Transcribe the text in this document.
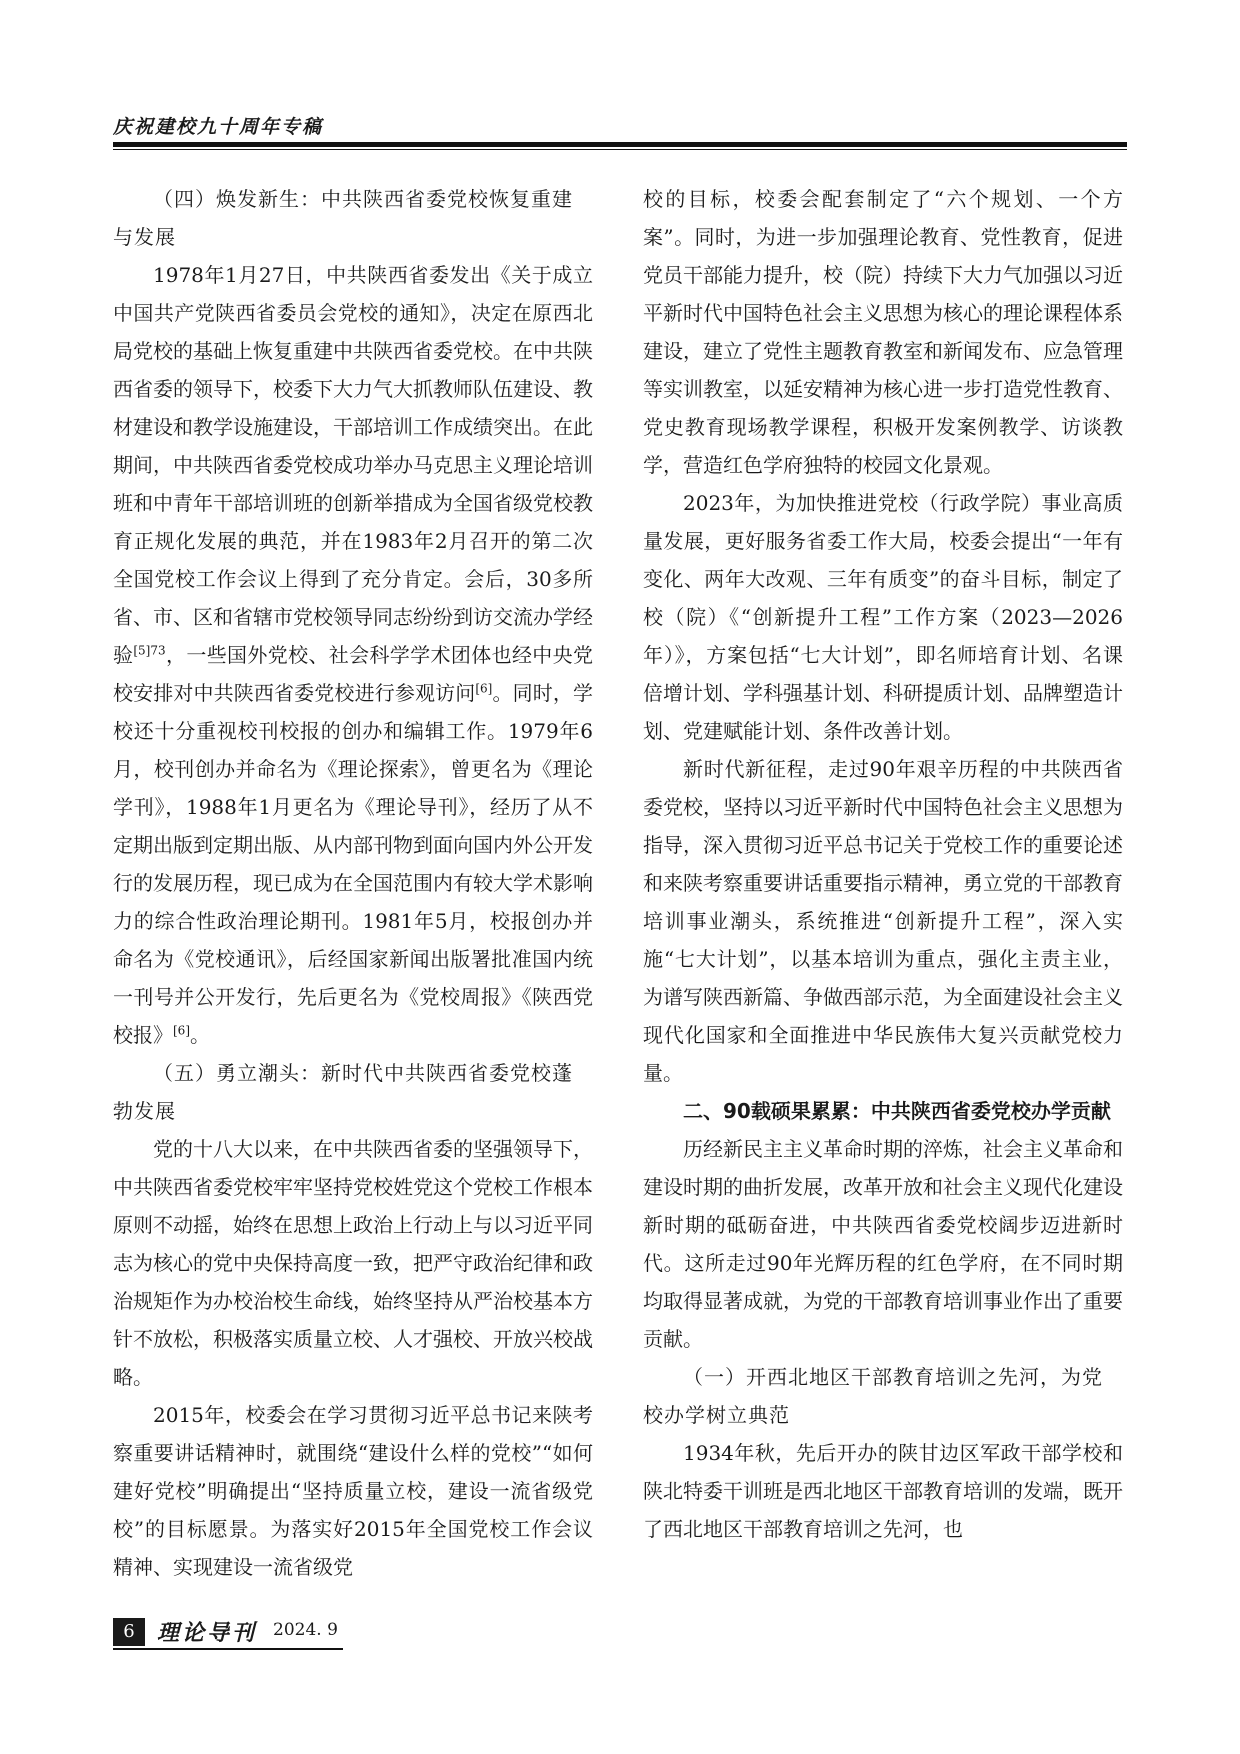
庆祝建校九十周年专稿

（四）焕发新生：中共陕西省委党校恢复重建与发展

1978年1月27日，中共陕西省委发出《关于成立中国共产党陕西省委员会党校的通知》，决定在原西北局党校的基础上恢复重建中共陕西省委党校。在中共陕西省委的领导下，校委下大力气大抓教师队伍建设、教材建设和教学设施建设，干部培训工作成绩突出。在此期间，中共陕西省委党校成功举办马克思主义理论培训班和中青年干部培训班的创新举措成为全国省级党校教育正规化发展的典范，并在1983年2月召开的第二次全国党校工作会议上得到了充分肯定。会后，30多所省、市、区和省辖市党校领导同志纷纷到访交流办学经验$^{[5]73}$，一些国外党校、社会科学学术团体也经中央党校安排对中共陕西省委党校进行参观访问[6]。同时，学校还十分重视校刊校报的创办和编辑工作。1979年6月，校刊创办并命名为《理论探索》，曾更名为《理论学刊》，1988年1月更名为《理论导刊》，经历了从不定期出版到定期出版、从内部刊物到面向国内外公开发行的发展历程，现已成为在全国范围内有较大学术影响力的综合性政治理论期刊。1981年5月，校报创办并命名为《党校通讯》，后经国家新闻出版署批准国内统一刊号并公开发行，先后更名为《党校周报》《陕西党校报》[6]。

（五）勇立潮头：新时代中共陕西省委党校蓬勃发展

党的十八大以来，在中共陕西省委的坚强领导下，中共陕西省委党校牢牢坚持党校姓党这个党校工作根本原则不动摇，始终在思想上政治上行动上与以习近平同志为核心的党中央保持高度一致，把严守政治纪律和政治规矩作为办校治校生命线，始终坚持从严治校基本方针不放松，积极落实质量立校、人才强校、开放兴校战略。

2015年，校委会在学习贯彻习近平总书记来陕考察重要讲话精神时，就围绕“建设什么样的党校”“如何建好党校”明确提出“坚持质量立校，建设一流省级党校”的目标愿景。为落实好2015年全国党校工作会议精神、实现建设一流省级党

校的目标，校委会配套制定了“六个规划、一个方案”。同时，为进一步加强理论教育、党性教育，促进党员干部能力提升，校（院）持续下大力气加强以习近平新时代中国特色社会主义思想为核心的理论课程体系建设，建立了党性主题教育教室和新闻发布、应急管理等实训教室，以延安精神为核心进一步打造党性教育、党史教育现场教学课程，积极开发案例教学、访谈教学，营造红色学府独特的校园文化景观。

2023年，为加快推进党校（行政学院）事业高质量发展，更好服务省委工作大局，校委会提出“一年有变化、两年大改观、三年有质变”的奋斗目标，制定了校（院）《“创新提升工程”工作方案（2023—2026年）》，方案包括“七大计划”，即名师培育计划、名课倍增计划、学科强基计划、科研提质计划、品牌塑造计划、党建赋能计划、条件改善计划。

新时代新征程，走过90年艰辛历程的中共陕西省委党校，坚持以习近平新时代中国特色社会主义思想为指导，深入贯彻习近平总书记关于党校工作的重要论述和来陕考察重要讲话重要指示精神，勇立党的干部教育培训事业潮头，系统推进“创新提升工程”，深入实施“七大计划”，以基本培训为重点，强化主责主业，为谱写陕西新篇、争做西部示范，为全面建设社会主义现代化国家和全面推进中华民族伟大复兴贡献党校力量。

二、90载硕果累累：中共陕西省委党校办学贡献

历经新民主主义革命时期的淬炼，社会主义革命和建设时期的曲折发展，改革开放和社会主义现代化建设新时期的砥砺奋进，中共陕西省委党校阔步迈进新时代。这所走过90年光辉历程的红色学府，在不同时期均取得显著成就，为党的干部教育培训事业作出了重要贡献。

（一）开西北地区干部教育培训之先河，为党校办学树立典范

1934年秋，先后开办的陕甘边区军政干部学校和陕北特委干训班是西北地区干部教育培训的发端，既开了西北地区干部教育培训之先河，也

6	理论导刊 2024. 9
